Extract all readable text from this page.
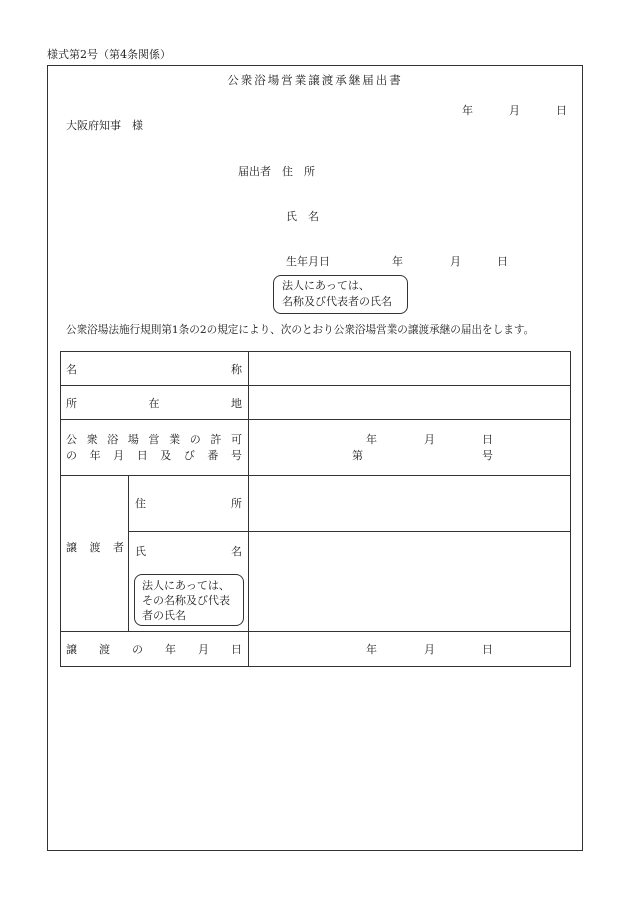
様式第2号（第4条関係）
公衆浴場営業譲渡承継届出書
年	月	日
大阪府知事　様
届出者　住　所
氏　名
生年月日	年	月	日
法人にあっては、
名称及び代表者の氏名
公衆浴場法施行規則第1条の2の規定により、次のとおり公衆浴場営業の譲渡承継の届出をします。
名	称
所	在	地
公 衆 浴 場 営 業 の 許 可
の 年 月 日 及 び 番 号
年	月	日
第	号
譲 渡 者
住	所
氏	名
法人にあっては、
その名称及び代表
者の氏名
譲 渡 の 年 月 日	年	月	日
